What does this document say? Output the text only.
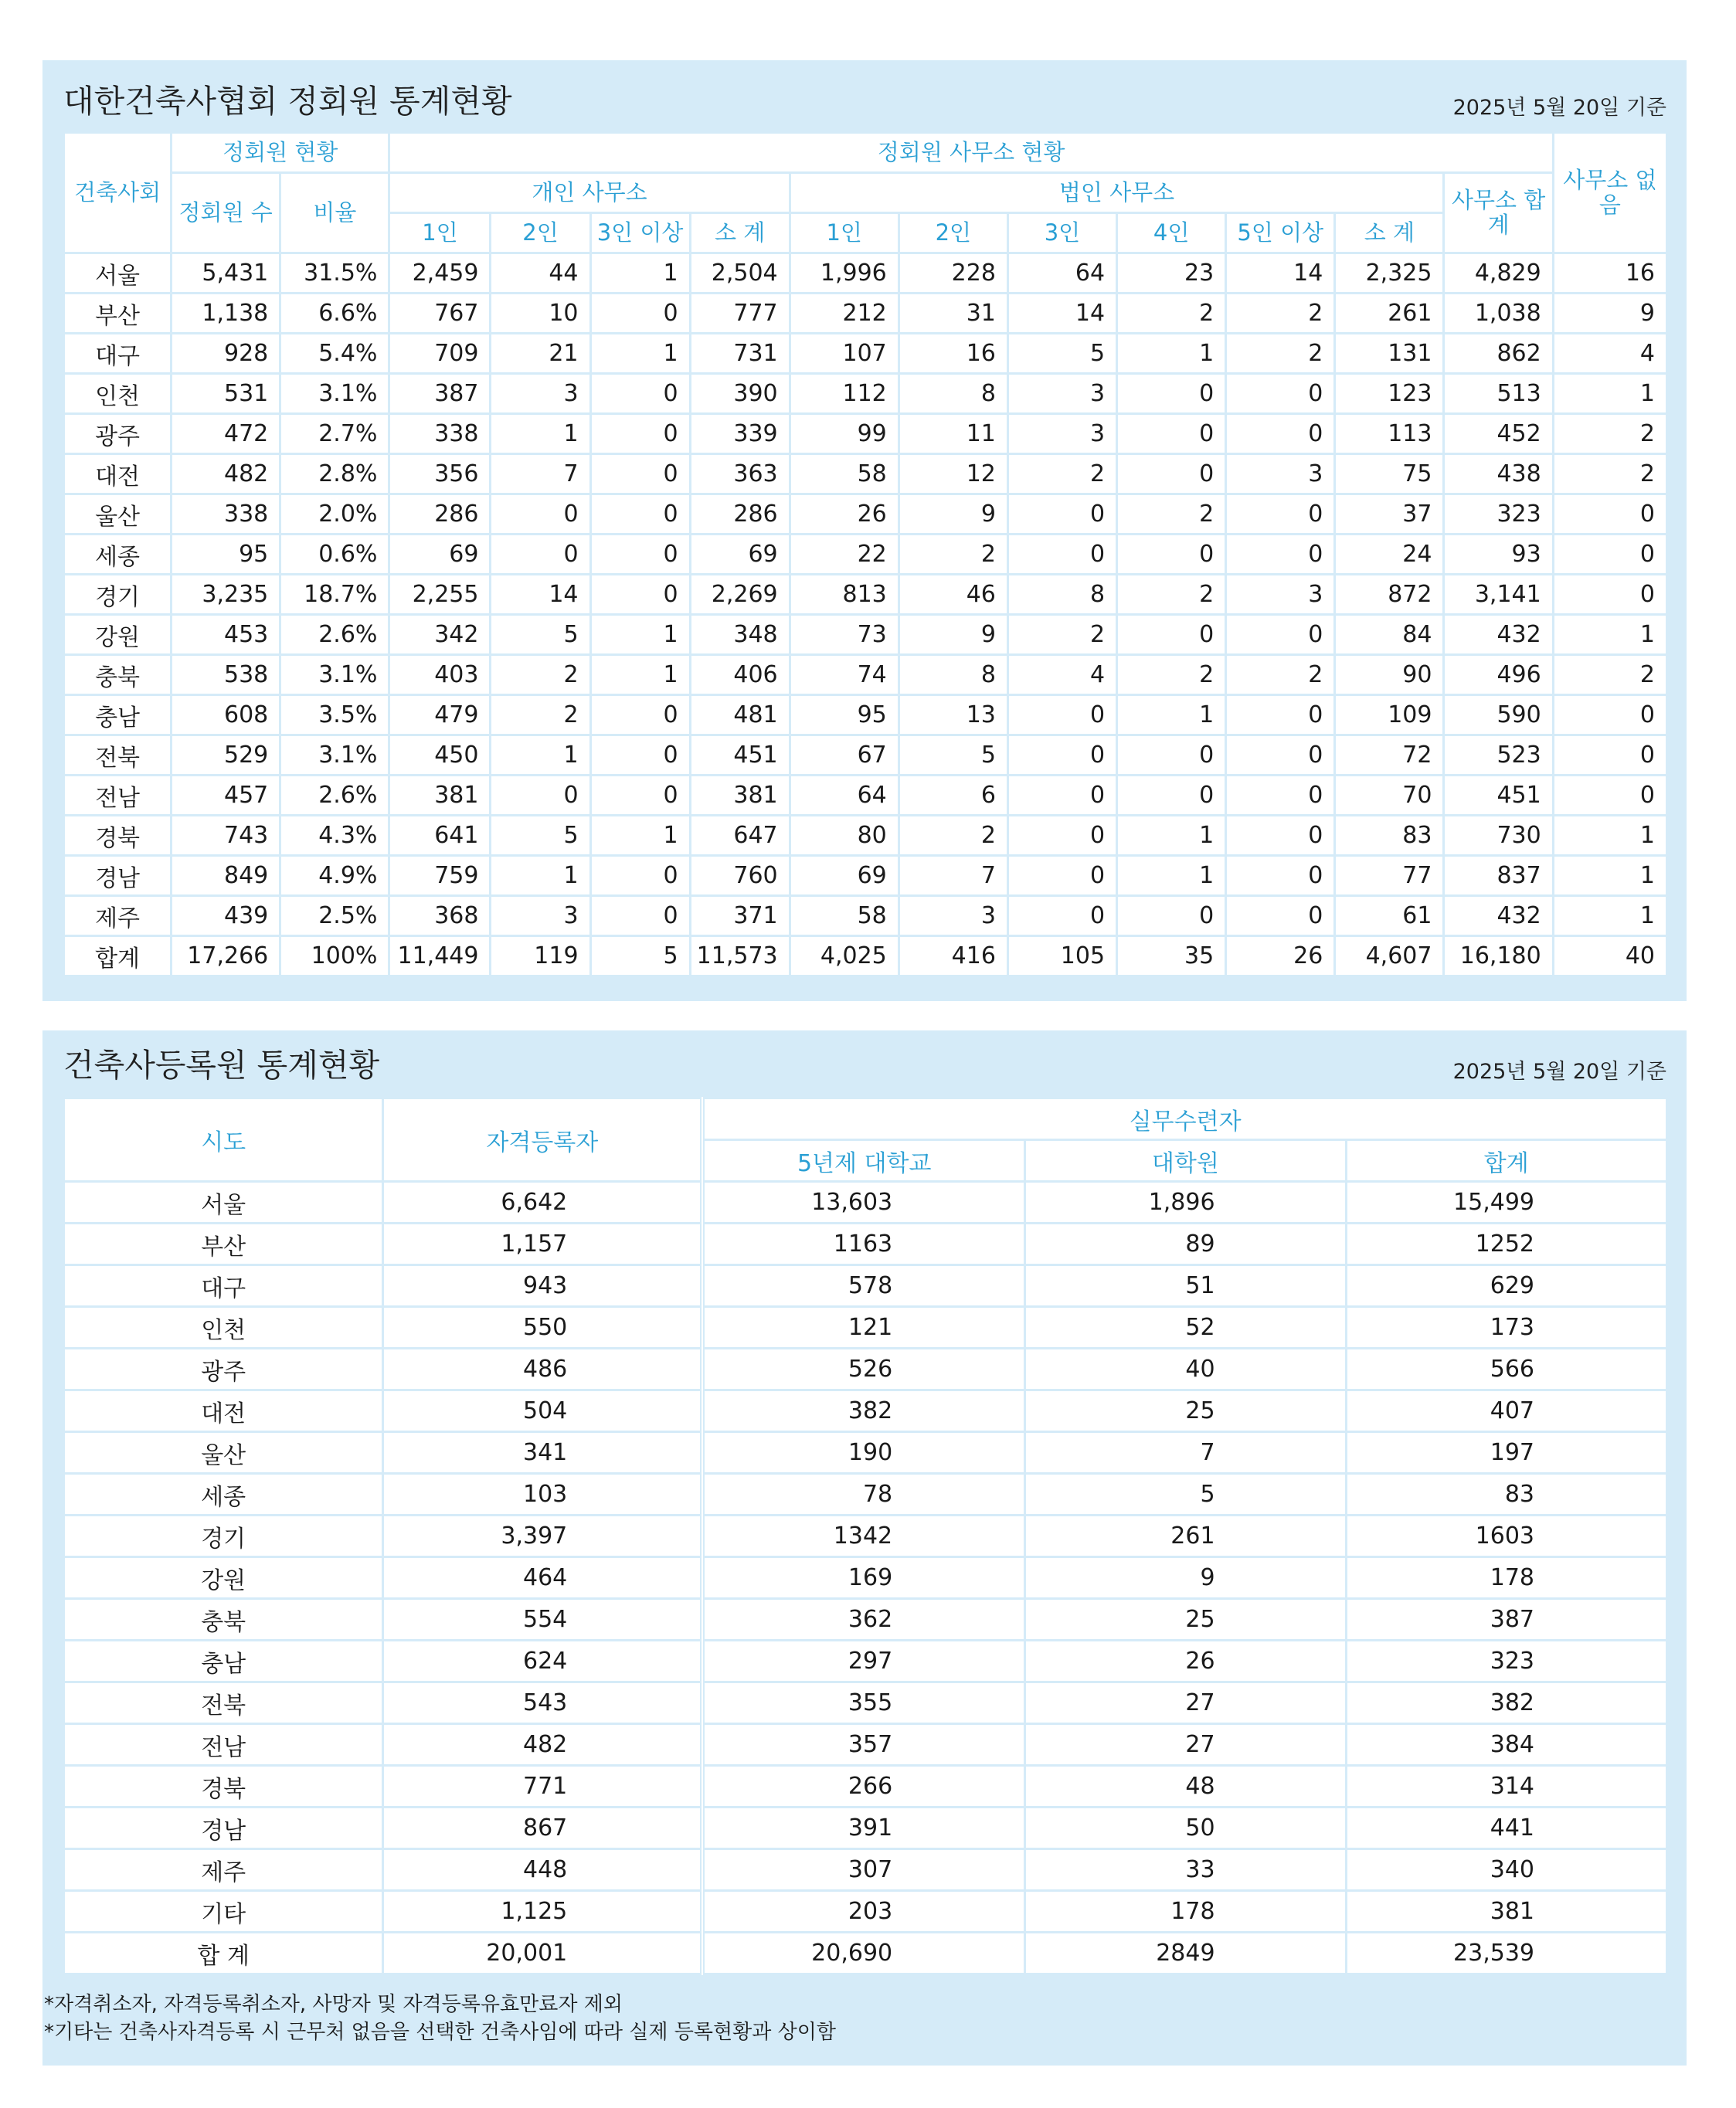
대한건축사협회 정회원 통계현황	2025년 5월 20일 기준
건축사회	정회원 현황		정회원 사무소 현황											사무소 없음
	정회원 수	비율	개인 사무소				법인 사무소						사무소 합계	
			1인	2인	3인 이상	소 계	1인	2인	3인	4인	5인 이상	소 계		
서울	5,431	31.5%	2,459	44	1	2,504	1,996	228	64	23	14	2,325	4,829	16
부산	1,138	6.6%	767	10	0	777	212	31	14	2	2	261	1,038	9
대구	928	5.4%	709	21	1	731	107	16	5	1	2	131	862	4
인천	531	3.1%	387	3	0	390	112	8	3	0	0	123	513	1
광주	472	2.7%	338	1	0	339	99	11	3	0	0	113	452	2
대전	482	2.8%	356	7	0	363	58	12	2	0	3	75	438	2
울산	338	2.0%	286	0	0	286	26	9	0	2	0	37	323	0
세종	95	0.6%	69	0	0	69	22	2	0	0	0	24	93	0
경기	3,235	18.7%	2,255	14	0	2,269	813	46	8	2	3	872	3,141	0
강원	453	2.6%	342	5	1	348	73	9	2	0	0	84	432	1
충북	538	3.1%	403	2	1	406	74	8	4	2	2	90	496	2
충남	608	3.5%	479	2	0	481	95	13	0	1	0	109	590	0
전북	529	3.1%	450	1	0	451	67	5	0	0	0	72	523	0
전남	457	2.6%	381	0	0	381	64	6	0	0	0	70	451	0
경북	743	4.3%	641	5	1	647	80	2	0	1	0	83	730	1
경남	849	4.9%	759	1	0	760	69	7	0	1	0	77	837	1
제주	439	2.5%	368	3	0	371	58	3	0	0	0	61	432	1
합계	17,266	100%	11,449	119	5	11,573	4,025	416	105	35	26	4,607	16,180	40
건축사등록원 통계현황	2025년 5월 20일 기준
시도	자격등록자	실무수련자		
		5년제 대학교	대학원	합계
서울	6,642	13,603	1,896	15,499
부산	1,157	1163	89	1252
대구	943	578	51	629
인천	550	121	52	173
광주	486	526	40	566
대전	504	382	25	407
울산	341	190	7	197
세종	103	78	5	83
경기	3,397	1342	261	1603
강원	464	169	9	178
충북	554	362	25	387
충남	624	297	26	323
전북	543	355	27	382
전남	482	357	27	384
경북	771	266	48	314
경남	867	391	50	441
제주	448	307	33	340
기타	1,125	203	178	381
합 계	20,001	20,690	2849	23,539
*자격취소자, 자격등록취소자, 사망자 및 자격등록유효만료자 제외
*기타는 건축사자격등록 시 근무처 없음을 선택한 건축사임에 따라 실제 등록현황과 상이함
